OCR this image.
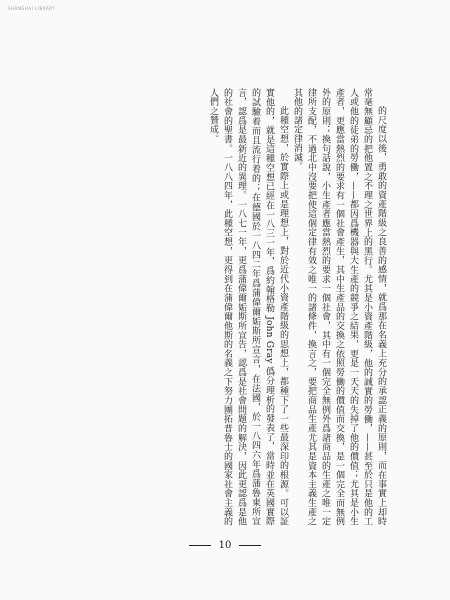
SHANGHAI LIBRARY

的尺度以後，勇敢的資產階級之良善的感情，就爲那在名義上充分的承認正義的原則，而在事實上却時常毫無顧忌的把他置之不理之世界上的黑行。尤其是小資產階級，他的誠實的勞働，——甚至於只是他的工人或他的徒弟的勞働，——都因爲機器與大生產的競爭之結果，更是一天天的失掉了他的價值；尤其是小生產者，更應當熱烈的要求有一個社會產生，其中生產品的交換之依照勞働的價值而交換，是一個完全而無例外的原則；換句話說，小生產者應當熱烈的要求一個社會，其中有一個完全無例外爲諸商品的生產之唯一定律所支配，不過北中沒要把使這個定律有效之唯一的諸條件，換言之，要把商品生產尤其是資本主義生產之其他的諸定律消滅。

此種空想，於實際上或是理想上，對於近代小資產階級的思想上，都種下了一些最深印的根源。可以証實他的，就是這種空想已經在一八三一年，爲約翰格勒 John Gray 僞分理析的發表了，當時並在英國實際的試驗着而且流行着的；在德國於一八四二年爲蒲偉爾姤斯所宣言，在法國，於一八四六年爲蒲魯東所宣言，認爲是最新近的異理。一八七一年，更爲蒲偉爾姤斯所宣告，認爲是社會問題的解決，因此更認爲是他的社會的聖書。一八八四年，此種空想，更得到在蒲偉爾他斯的名義之下努力團拓普魯士的國家社會主義的人們之贊成。

10
